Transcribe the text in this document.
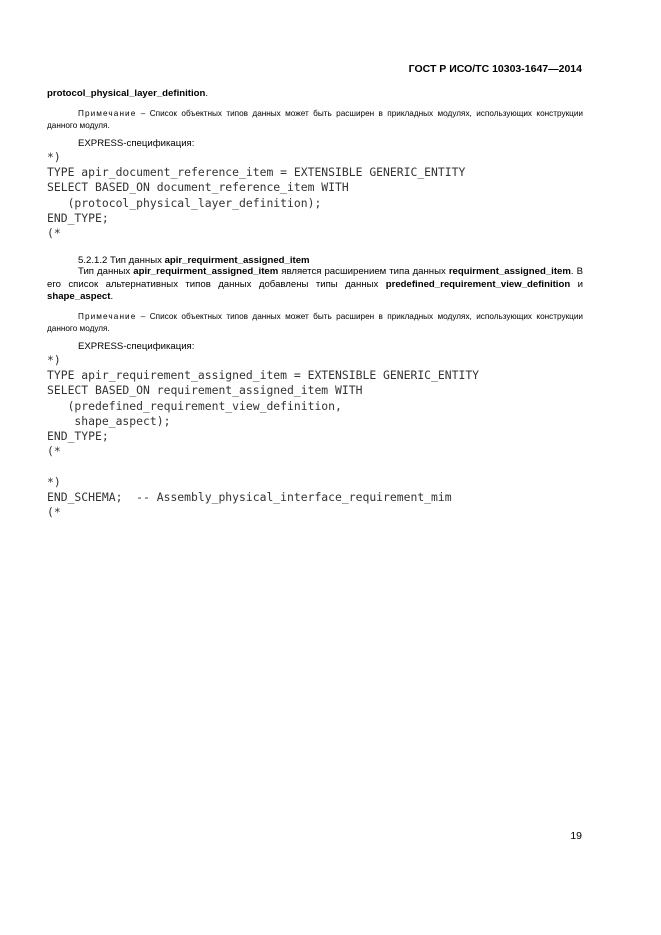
ГОСТ Р ИСО/ТС 10303-1647—2014
protocol_physical_layer_definition.
Примечание – Список объектных типов данных может быть расширен в прикладных модулях, использующих конструкции данного модуля.
EXPRESS-спецификация:
*)
TYPE apir_document_reference_item = EXTENSIBLE GENERIC_ENTITY
SELECT BASED_ON document_reference_item WITH
(protocol_physical_layer_definition);
END_TYPE;
(*
5.2.1.2 Тип данных apir_requirment_assigned_item
Тип данных apir_requirment_assigned_item является расширением типа данных requirment_assigned_item. В его список альтернативных типов данных добавлены типы данных predefined_requirement_view_definition и shape_aspect.
Примечание – Список объектных типов данных может быть расширен в прикладных модулях, использующих конструкции данного модуля.
EXPRESS-спецификация:
*)
TYPE apir_requirement_assigned_item = EXTENSIBLE GENERIC_ENTITY
SELECT BASED_ON requirement_assigned_item WITH
(predefined_requirement_view_definition,
shape_aspect);
END_TYPE;
(*

*)
END_SCHEMA;  -- Assembly_physical_interface_requirement_mim
(*
19
